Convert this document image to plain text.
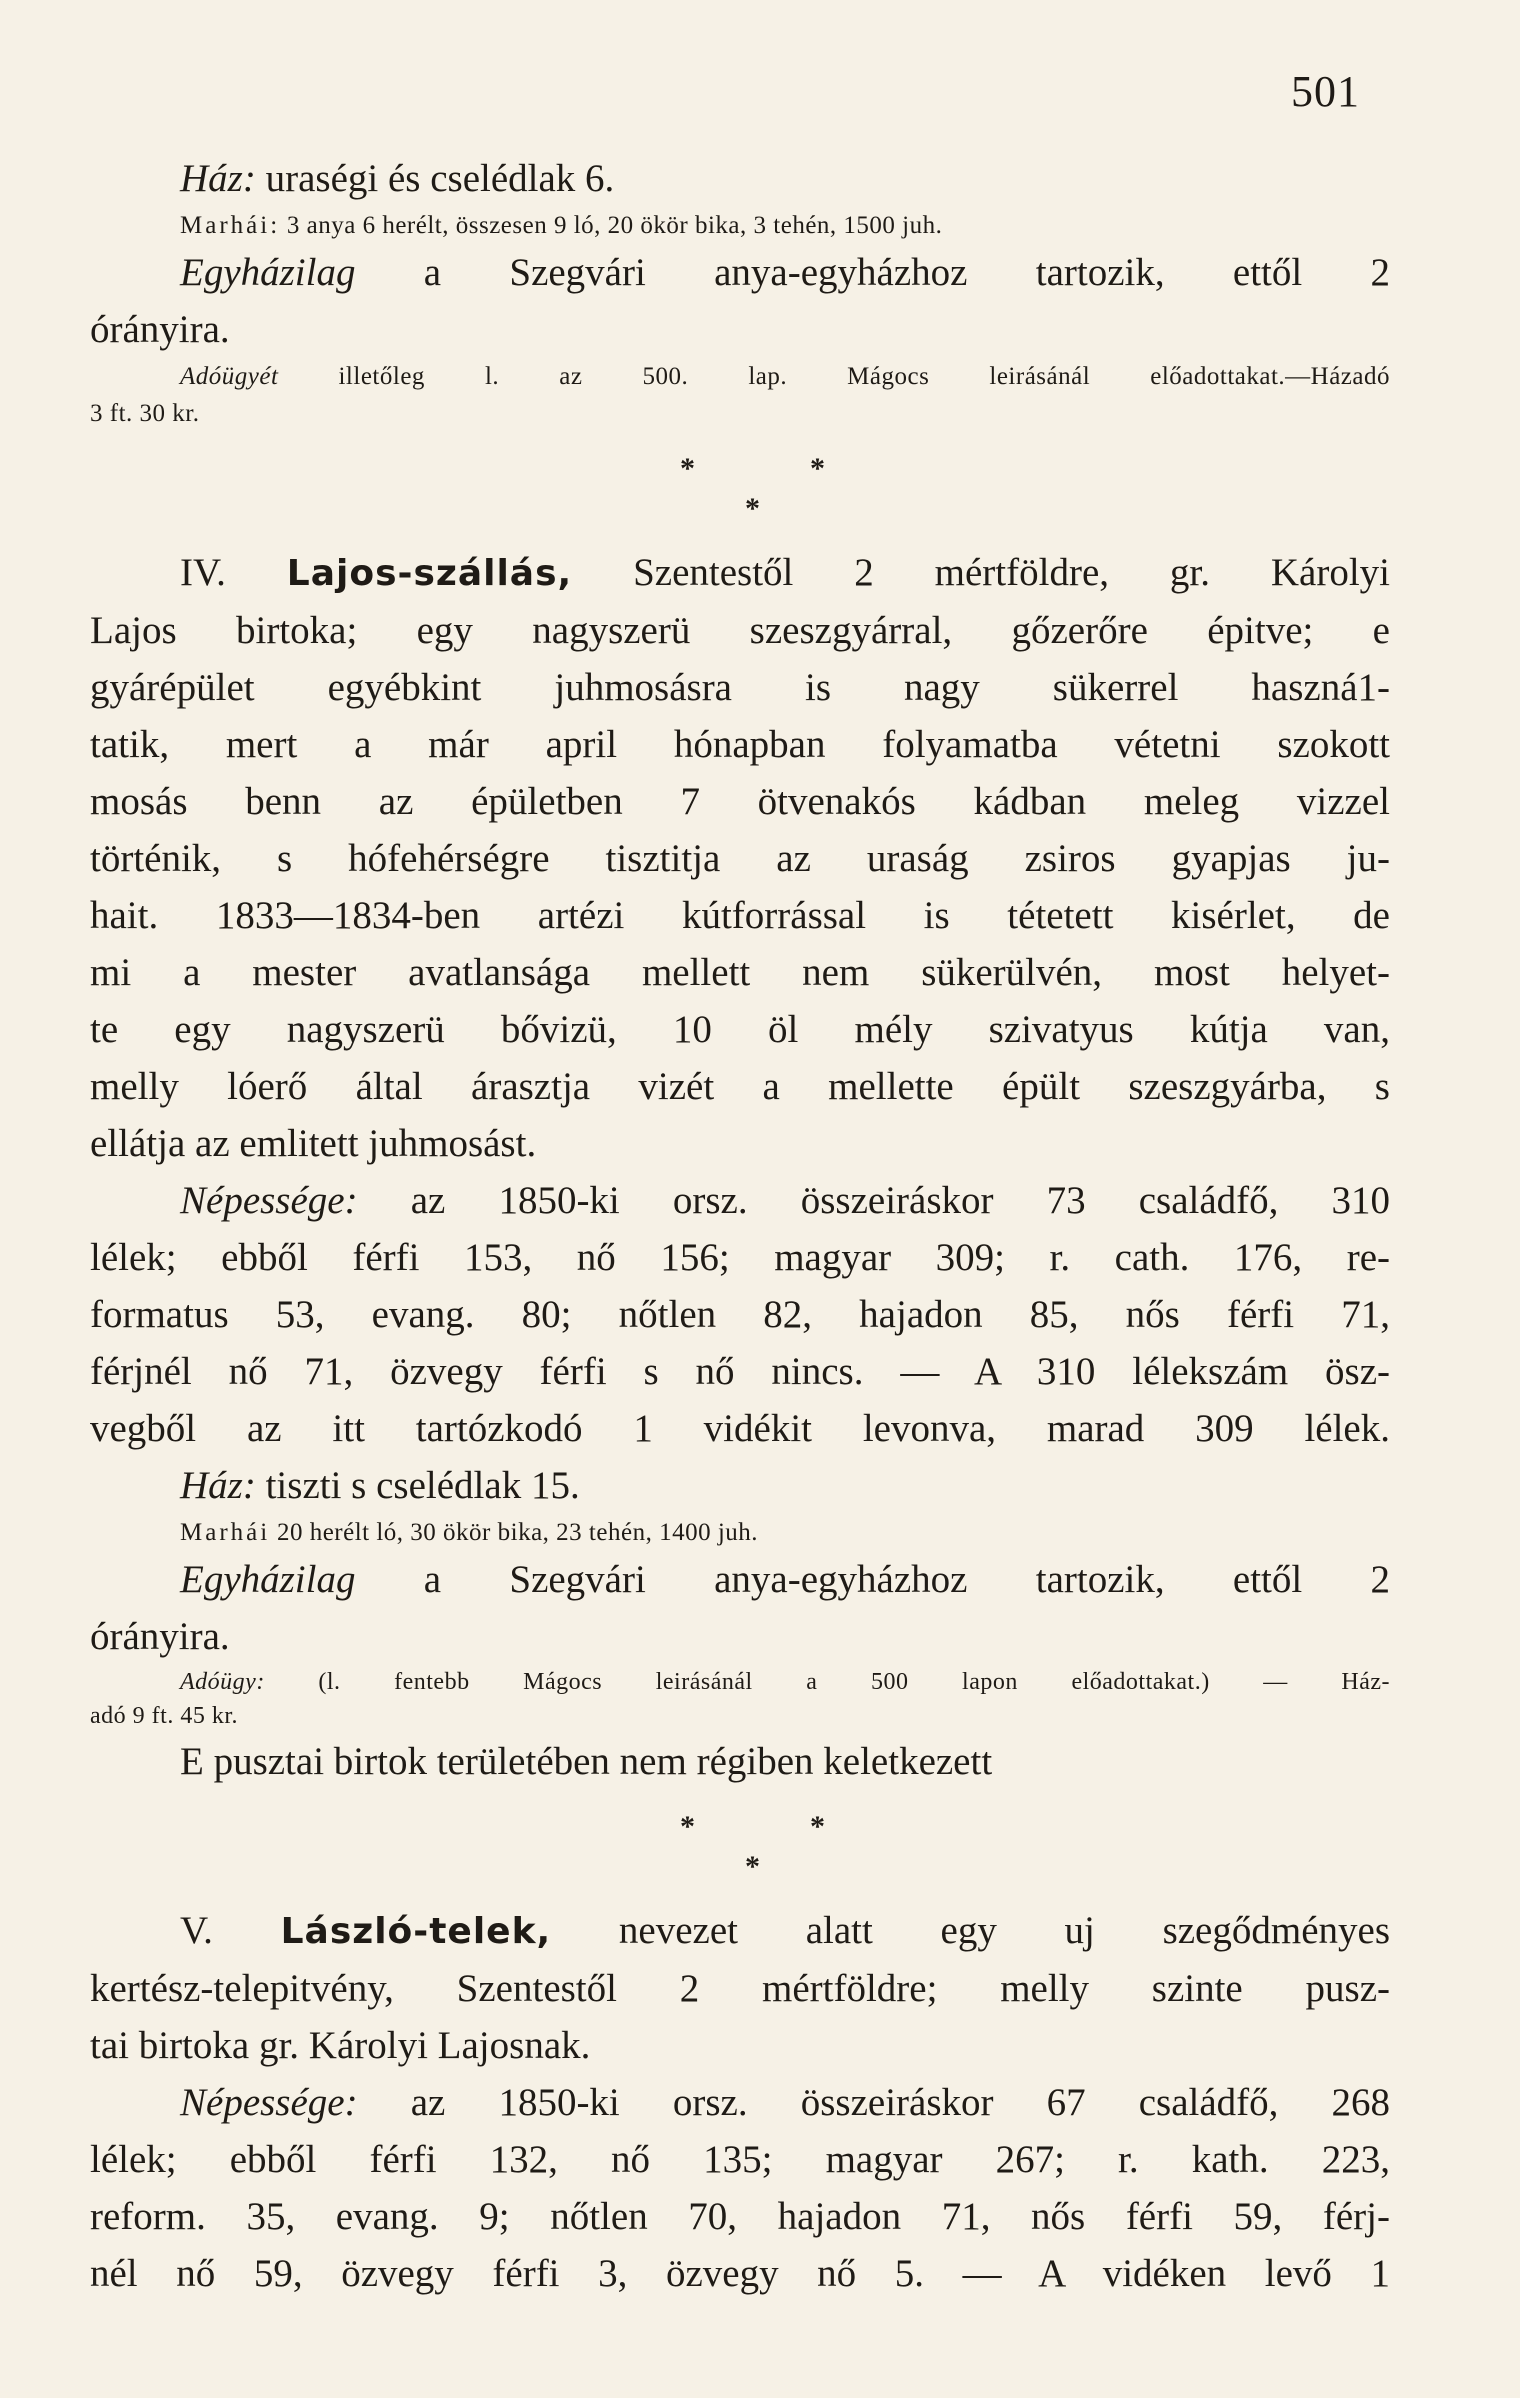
501
Ház: uraségi és cselédlak 6.
Marhái: 3 anya 6 herélt, összesen 9 ló, 20 ökör bika, 3 tehén, 1500 juh.
Egyházilag a Szegvári anya-egyházhoz tartozik, ettől 2
órányira.
Adóügyét illetőleg l. az 500. lap. Mágocs leirásánál előadottakat.—Házadó
3 ft. 30 kr.
*	*
*
IV. Lajos-szállás, Szentestől 2 mértföldre, gr. Károlyi
Lajos birtoka; egy nagyszerü szeszgyárral, gőzerőre épitve; e
gyárépület egyébkint juhmosásra is nagy sükerrel haszná1-
tatik, mert a már april hónapban folyamatba vétetni szokott
mosás benn az épületben 7 ötvenakós kádban meleg vizzel
történik, s hófehérségre tisztitja az uraság zsiros gyapjas ju-
hait. 1833—1834-ben artézi kútforrással is tétetett kisérlet, de
mi a mester avatlansága mellett nem sükerülvén, most helyet-
te egy nagyszerü bővizü, 10 öl mély szivatyus kútja van,
melly lóerő által árasztja vizét a mellette épült szeszgyárba, s
ellátja az emlitett juhmosást.
Népessége: az 1850-ki orsz. összeiráskor 73 családfő, 310
lélek; ebből férfi 153, nő 156; magyar 309; r. cath. 176, re-
formatus 53, evang. 80; nőtlen 82, hajadon 85, nős férfi 71,
férjnél nő 71, özvegy férfi s nő nincs. — A 310 lélekszám ösz-
vegből az itt tartózkodó 1 vidékit levonva, marad 309 lélek.
Ház: tiszti s cselédlak 15.
Marhái 20 herélt ló, 30 ökör bika, 23 tehén, 1400 juh.
Egyházilag a Szegvári anya-egyházhoz tartozik, ettől 2
órányira.
Adóügy: (l. fentebb Mágocs leirásánál a 500 lapon előadottakat.) — Ház-
adó 9 ft. 45 kr.
E pusztai birtok területében nem régiben keletkezett
*	*
*
V. László-telek, nevezet alatt egy uj szegődményes
kertész-telepitvény, Szentestől 2 mértföldre; melly szinte pusz-
tai birtoka gr. Károlyi Lajosnak.
Népessége: az 1850-ki orsz. összeiráskor 67 családfő, 268
lélek; ebből férfi 132, nő 135; magyar 267; r. kath. 223,
reform. 35, evang. 9; nőtlen 70, hajadon 71, nős férfi 59, férj-
nél nő 59, özvegy férfi 3, özvegy nő 5. — A vidéken levő 1
